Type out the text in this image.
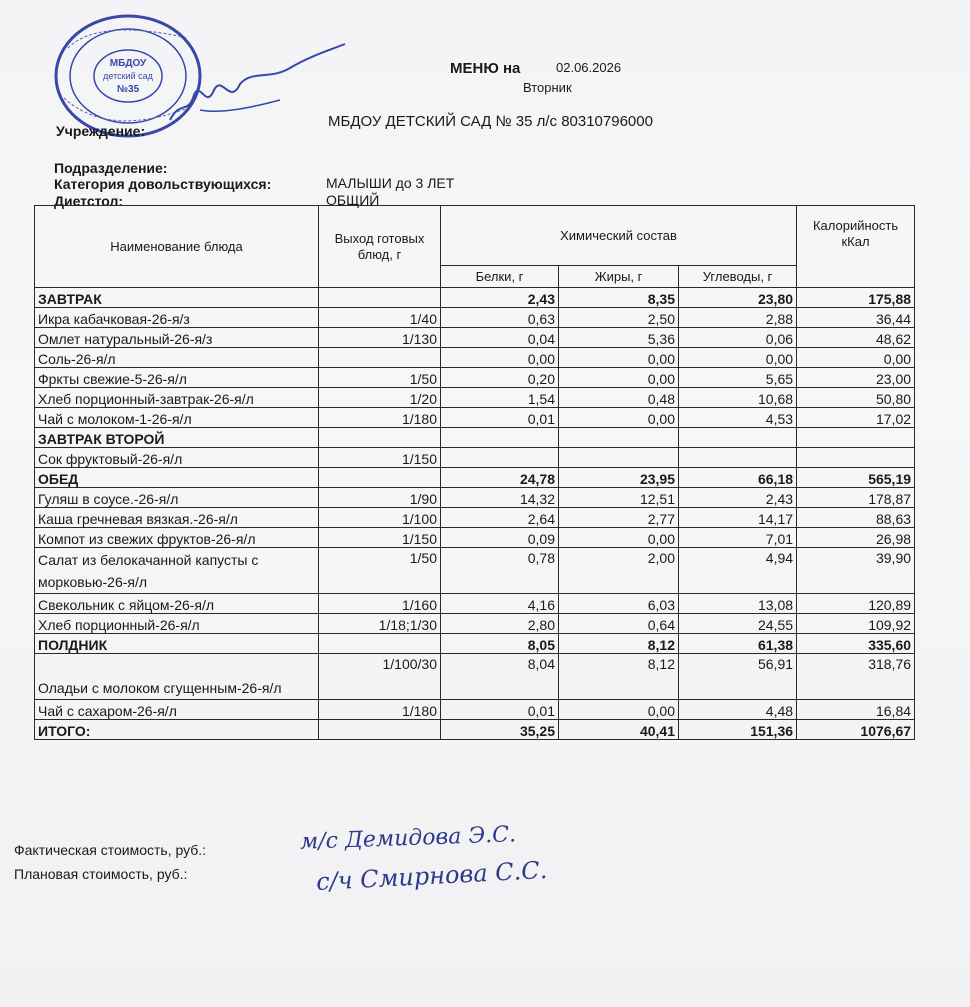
МБДОУ
детский сад
№35
МЕНЮ на	02.06.2026
Вторник
Учреждение:
МБДОУ ДЕТСКИЙ САД № 35 л/с 80310796000
Подразделение:
Категория довольствующихся:	МАЛЫШИ до 3 ЛЕТ
Диетстол:	ОБЩИЙ
Наименование блюда	Выход готовых блюд, г	Химический состав			Калорийность кКал
		Белки, г	Жиры, г	Углеводы, г	
ЗАВТРАК		2,43	8,35	23,80	175,88
Икра кабачковая-26-я/з	1/40	0,63	2,50	2,88	36,44
Омлет натуральный-26-я/з	1/130	0,04	5,36	0,06	48,62
Соль-26-я/л		0,00	0,00	0,00	0,00
Фркты свежие-5-26-я/л	1/50	0,20	0,00	5,65	23,00
Хлеб порционный-завтрак-26-я/л	1/20	1,54	0,48	10,68	50,80
Чай с молоком-1-26-я/л	1/180	0,01	0,00	4,53	17,02
ЗАВТРАК ВТОРОЙ					
Сок фруктовый-26-я/л	1/150				
ОБЕД		24,78	23,95	66,18	565,19
Гуляш в соусе.-26-я/л	1/90	14,32	12,51	2,43	178,87
Каша гречневая вязкая.-26-я/л	1/100	2,64	2,77	14,17	88,63
Компот из свежих фруктов-26-я/л	1/150	0,09	0,00	7,01	26,98
Салат из белокачанной капусты с морковью-26-я/л	1/50	0,78	2,00	4,94	39,90
Свекольник с яйцом-26-я/л	1/160	4,16	6,03	13,08	120,89
Хлеб порционный-26-я/л	1/18;1/30	2,80	0,64	24,55	109,92
ПОЛДНИК		8,05	8,12	61,38	335,60
Оладьи с молоком сгущенным-26-я/л	1/100/30	8,04	8,12	56,91	318,76
Чай с сахаром-26-я/л	1/180	0,01	0,00	4,48	16,84
ИТОГО:		35,25	40,41	151,36	1076,67
Фактическая стоимость, руб.:
Плановая стоимость, руб.:
м/с Демидова Э.С.
с/ч Смирнова С.С.
